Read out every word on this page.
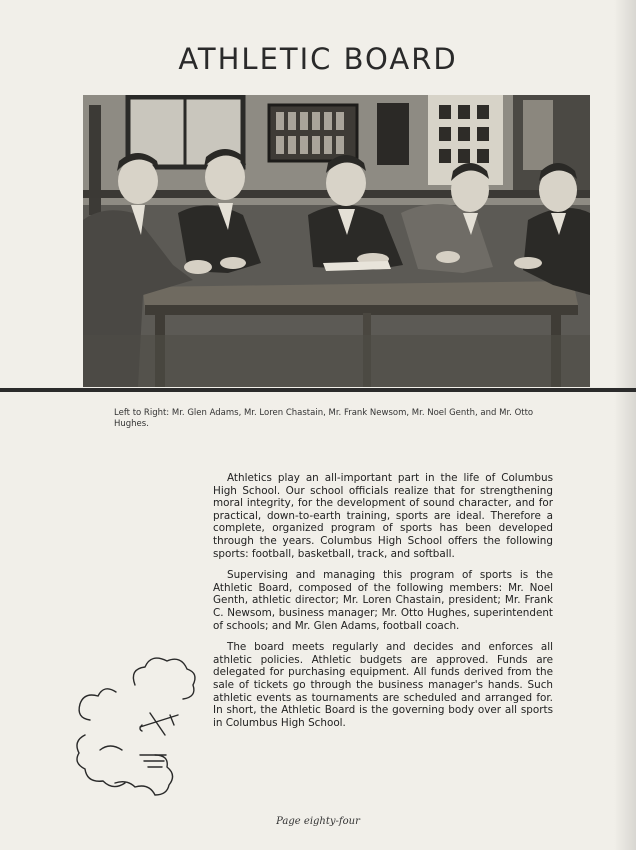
ATHLETIC BOARD
Left to Right: Mr. Glen Adams, Mr. Loren Chastain, Mr. Frank Newsom, Mr. Noel Genth, and Mr. Otto Hughes.

Athletics play an all-important part in the life of Columbus High School. Our school officials realize that for strengthening moral integrity, for the development of sound character, and for practical, down-to-earth training, sports are ideal. Therefore a complete, organized program of sports has been developed through the years. Columbus High School offers the following sports: football, basketball, track, and softball.

Supervising and managing this program of sports is the Athletic Board, composed of the following members: Mr. Noel Genth, athletic director; Mr. Loren Chastain, president; Mr. Frank C. Newsom, business manager; Mr. Otto Hughes, superintendent of schools; and Mr. Glen Adams, football coach.

The board meets regularly and decides and enforces all athletic policies. Athletic budgets are approved. Funds are delegated for purchasing equipment. All funds derived from the sale of tickets go through the business manager's hands. Such athletic events as tournaments are scheduled and arranged for. In short, the Athletic Board is the governing body over all sports in Columbus High School.

Page eighty-four
